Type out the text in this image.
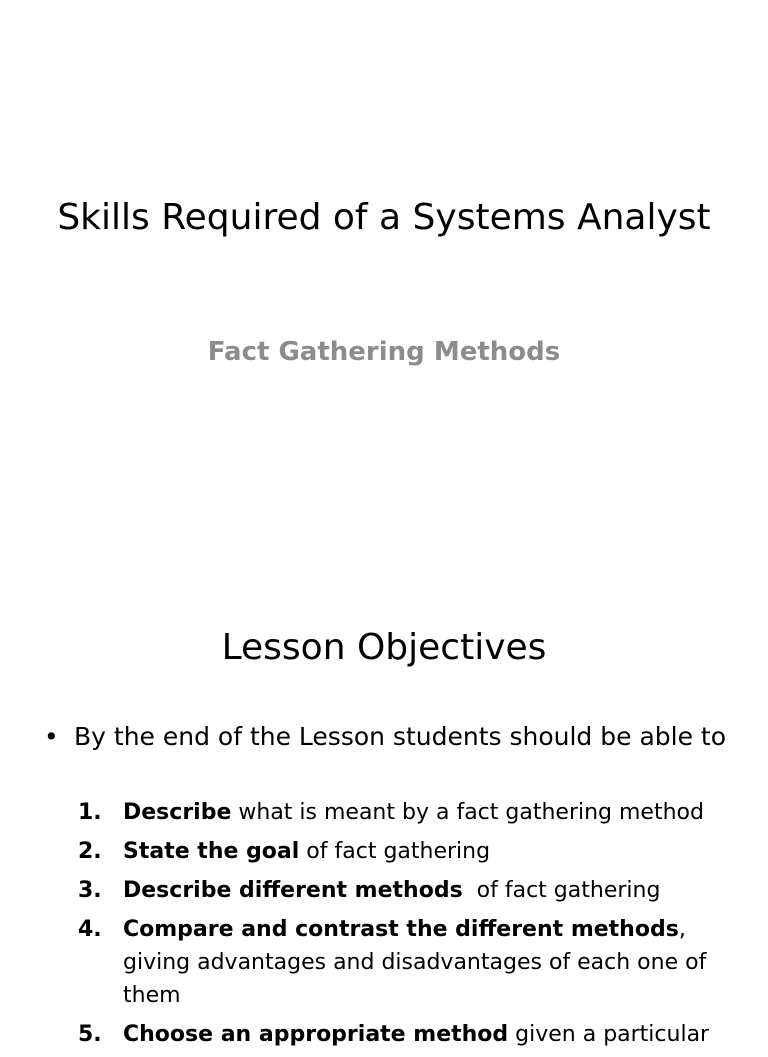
Skills Required of a Systems Analyst
Fact Gathering Methods
Lesson Objectives
• By the end of the Lesson students should be able to
1. Describe what is meant by a fact gathering method
2. State the goal of fact gathering
3. Describe different methods  of fact gathering
4. Compare and contrast the different methods, giving advantages and disadvantages of each one of them
5. Choose an appropriate method given a particular
